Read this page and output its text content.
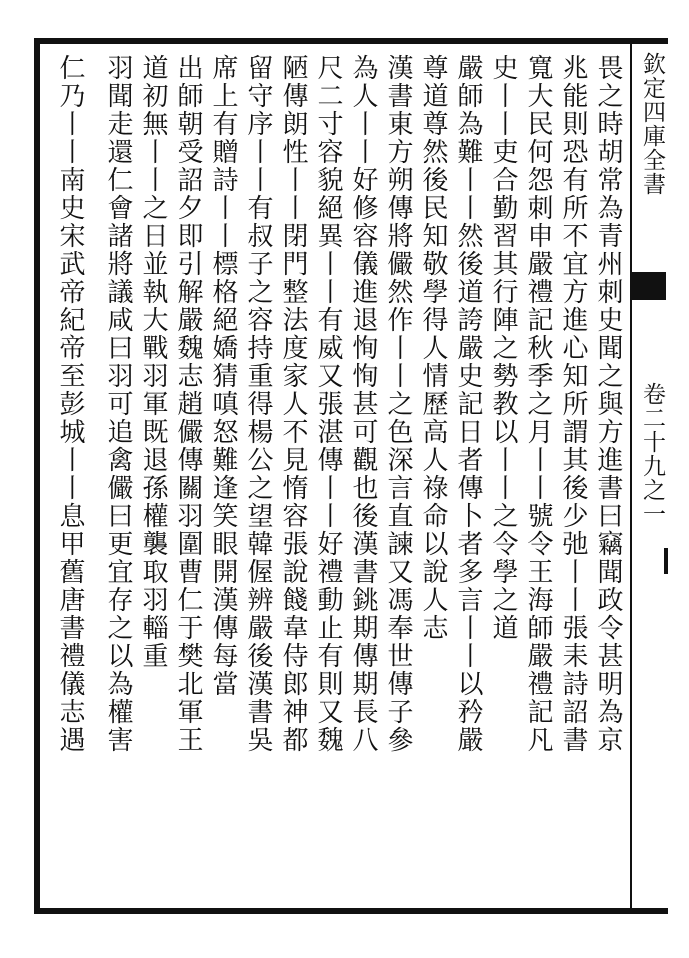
欽定四庫全書
卷二十九之一
畏之時胡常為青州刺史聞之與方進書曰竊聞政令甚明為京
兆能則恐有所不宜方進心知所謂其後少弛丨丨張耒詩詔書
寬大民何怨刺申嚴禮記秋季之月丨丨號令王海師嚴禮記凡
史丨丨吏合勤習其行陣之勢教以丨丨之令學之道
嚴師為難丨丨然後道誇嚴史記日者傳卜者多言丨丨以矜嚴
尊道尊然後民知敬學得人情歷高人祿命以說人志
漢書東方朔傳將儼然作丨丨之色深言直諫又馮奉世傳子參
為人丨丨好修容儀進退恂恂甚可觀也後漢書銚期傳期長八
尺二寸容貌絕異丨丨有威又張湛傳丨丨好禮動止有則又魏
陋傳朗性丨丨閉門整法度家人不見惰容張說餞韋侍郎神都
留守序丨丨有叔子之容持重得楊公之望韓偓辨嚴後漢書吳
席上有贈詩丨丨標格絕嬌猜嗔怒難逢笑眼開漢傳每當
出師朝受詔夕即引解嚴魏志趙儼傳關羽圍曹仁于樊北軍王
道初無丨丨之日並執大戰羽軍既退孫權襲取羽輜重
羽聞走還仁會諸將議咸曰羽可追禽儼曰更宜存之以為權害
仁乃丨丨南史宋武帝紀帝至彭城丨丨息甲舊唐書禮儀志遇
